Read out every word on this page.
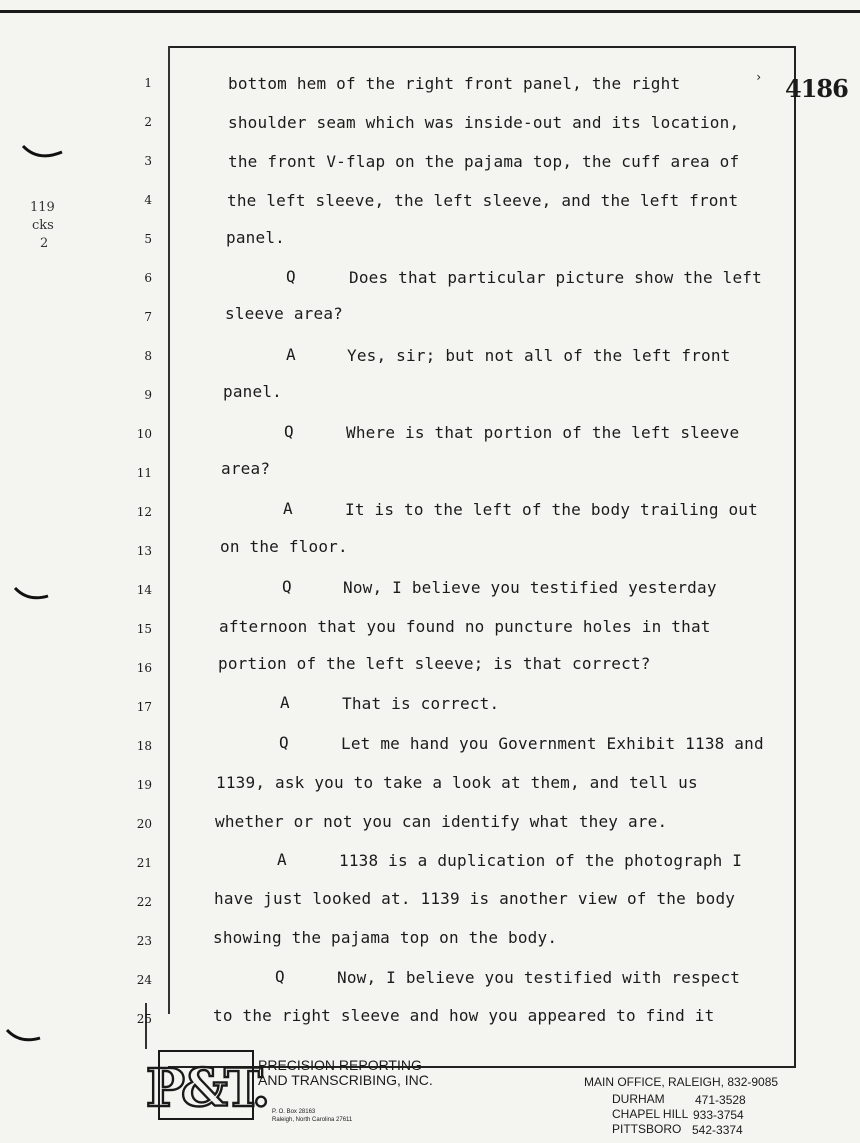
4186
›
119
cks
2
1	bottom hem of the right front panel, the right
2	shoulder seam which was inside-out and its location,
3	the front V-flap on the pajama top, the cuff area of
4	the left sleeve, the left sleeve, and the left front
5	panel.
6	Q	Does that particular picture show the left
7	sleeve area?
8	A	Yes, sir; but not all of the left front
9	panel.
10	Q	Where is that portion of the left sleeve
11	area?
12	A	It is to the left of the body trailing out
13	on the floor.
14	Q	Now, I believe you testified yesterday
15	afternoon that you found no puncture holes in that
16	portion of the left sleeve; is that correct?
17	A	That is correct.
18	Q	Let me hand you Government Exhibit 1138 and
19	1139, ask you to take a look at them, and tell us
20	whether or not you can identify what they are.
21	A	1138 is a duplication of the photograph I
22	have just looked at. 1139 is another view of the body
23	showing the pajama top on the body.
24	Q	Now, I believe you testified with respect
25	to the right sleeve and how you appeared to find it
P&T.
PRECISION REPORTING
AND TRANSCRIBING, INC.
P. O. Box 28163
Raleigh, North Carolina 27611
MAIN OFFICE, RALEIGH, 832-9085
DURHAM	471-3528
CHAPEL HILL 933-3754
PITTSBORO 542-3374
